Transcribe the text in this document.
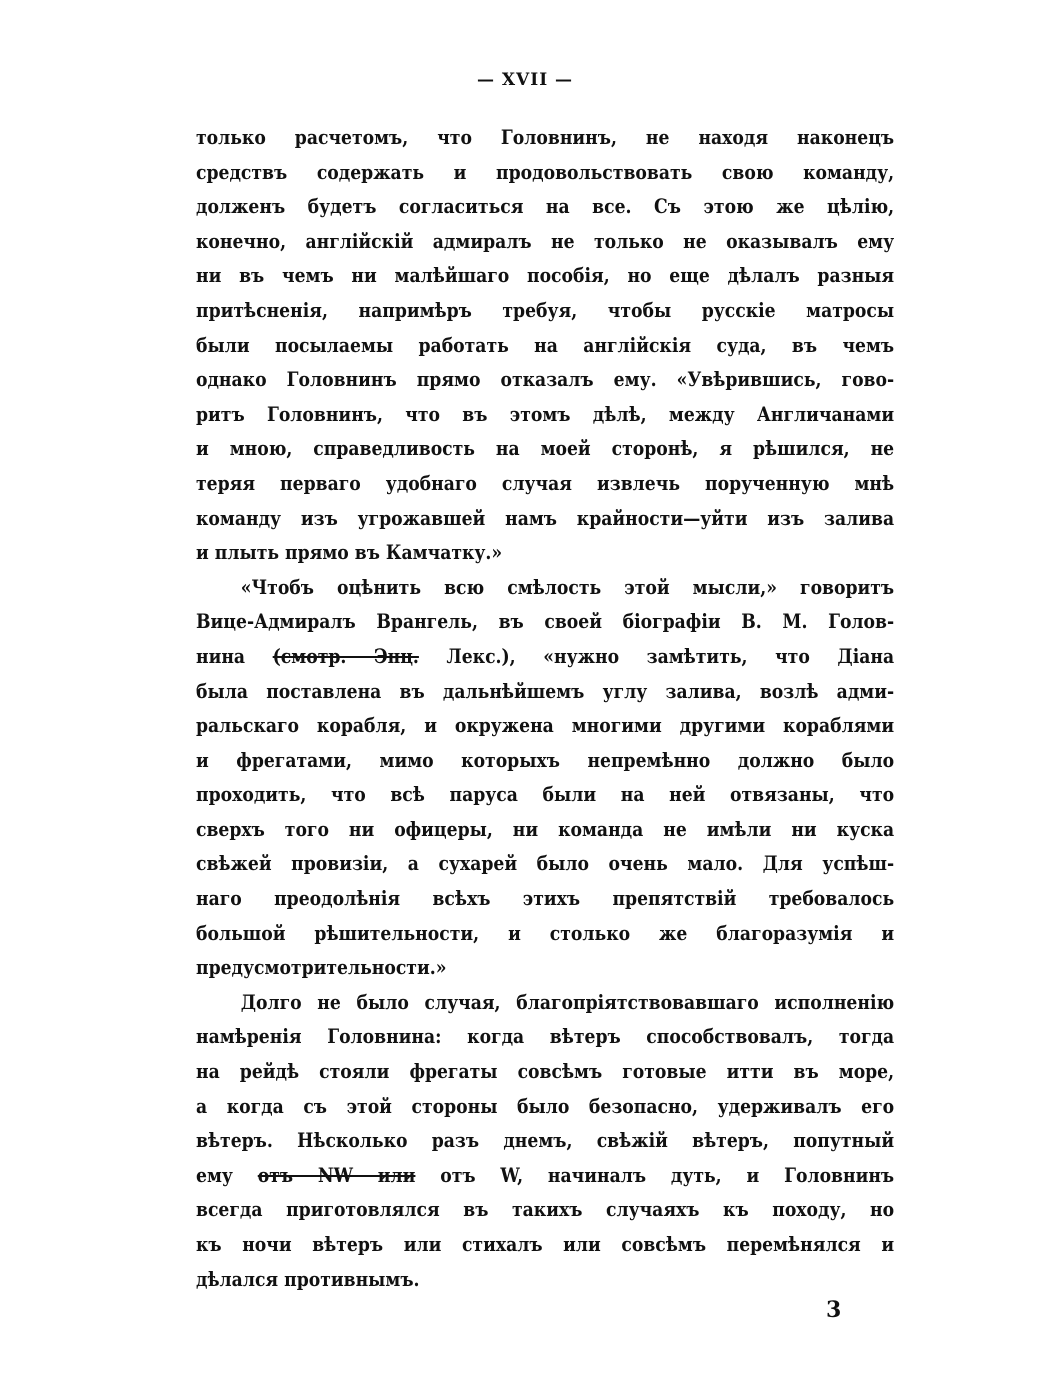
— XVII —
только расчетомъ, что Головнинъ, не находя наконецъ
средствъ содержать и продовольствовать свою команду,
долженъ будетъ согласиться на все. Съ этою же цѣлію,
конечно, англійскій адмиралъ не только не оказывалъ ему
ни въ чемъ ни малѣйшаго пособія, но еще дѣлалъ разныя
притѣсненія, напримѣръ требуя, чтобы русскіе матросы
были посылаемы работать на англійскія суда, въ чемъ
однако Головнинъ прямо отказалъ ему. «Увѣрившись, гово-
ритъ Головнинъ, что въ этомъ дѣлѣ, между Англичанами
и мною, справедливость на моей сторонѣ, я рѣшился, не
теряя перваго удобнаго случая извлечь порученную мнѣ
команду изъ угрожавшей намъ крайности—уйти изъ залива
и плыть прямо въ Камчатку.»
«Чтобъ оцѣнить всю смѣлость этой мысли,» говоритъ
Вице-Адмиралъ Врангель, въ своей біографіи В. М. Голов-
нина (смотр. Энц. Лекс.), «нужно замѣтить, что Діана
была поставлена въ дальнѣйшемъ углу залива, возлѣ адми-
ральскаго корабля, и окружена многими другими кораблями
и фрегатами, мимо которыхъ непремѣнно должно было
проходить, что всѣ паруса были на ней отвязаны, что
сверхъ того ни офицеры, ни команда не имѣли ни куска
свѣжей провизіи, а сухарей было очень мало. Для успѣш-
наго преодолѣнія всѣхъ этихъ препятствій требовалось
большой рѣшительности, и столько же благоразумія и
предусмотрительности.»
Долго не было случая, благопріятствовавшаго исполненію
намѣренія Головнина: когда вѣтеръ способствовалъ, тогда
на рейдѣ стояли фрегаты совсѣмъ готовые итти въ море,
а когда съ этой стороны было безопасно, удерживалъ его
вѣтеръ. Нѣсколько разъ днемъ, свѣжій вѣтеръ, попутный
ему отъ NW или отъ W, начиналъ дуть, и Головнинъ
всегда приготовлялся въ такихъ случаяхъ къ походу, но
къ ночи вѣтеръ или стихалъ или совсѣмъ перемѣнялся и
дѣлался противнымъ.
3
